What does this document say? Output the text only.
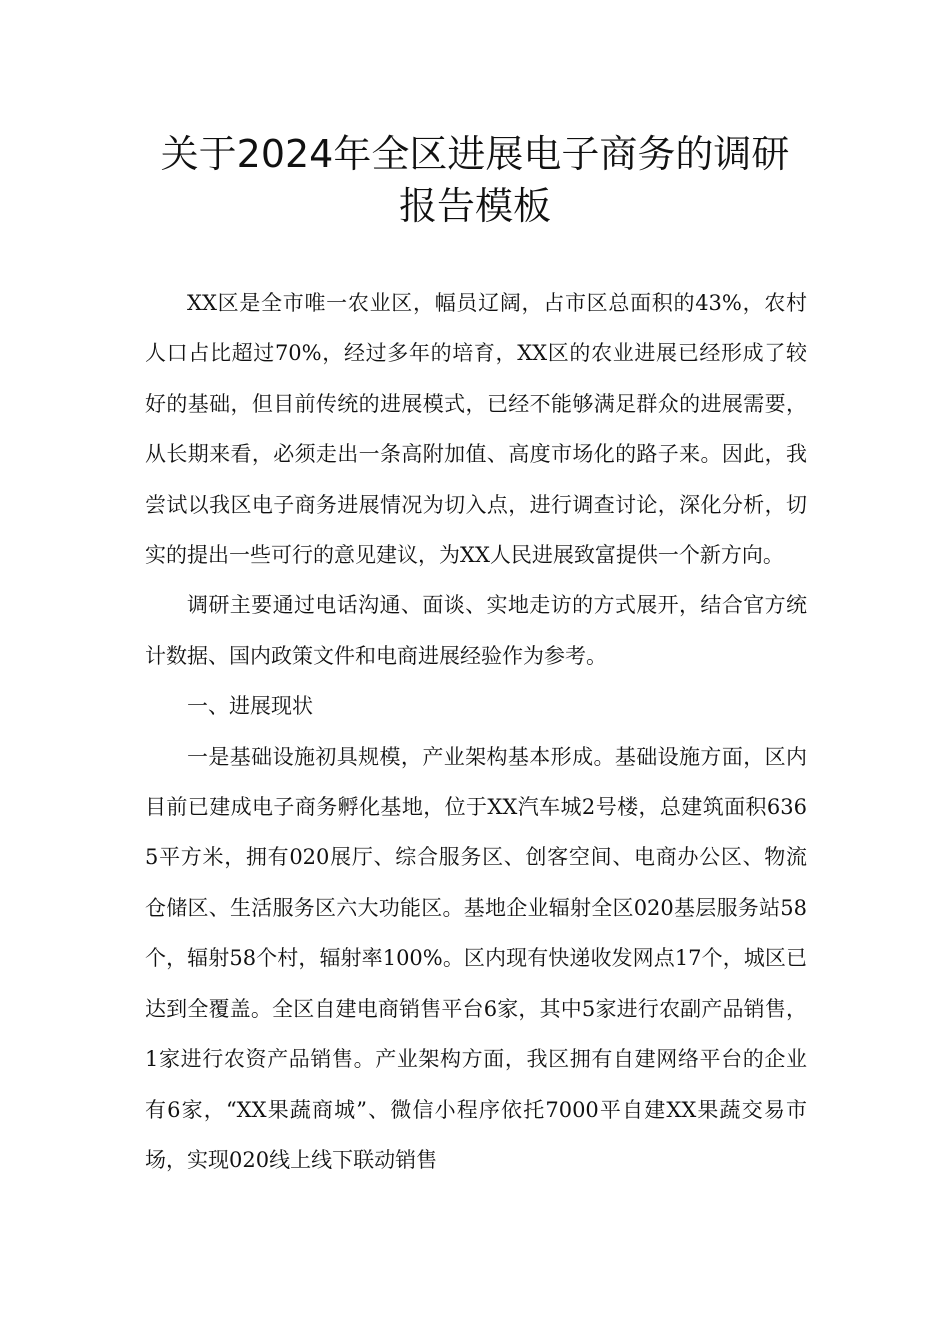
关于2024年全区进展电子商务的调研
报告模板

XX区是全市唯一农业区，幅员辽阔，占市区总面积的43%，农村人口占比超过70%，经过多年的培育，XX区的农业进展已经形成了较好的基础，但目前传统的进展模式，已经不能够满足群众的进展需要，从长期来看，必须走出一条高附加值、高度市场化的路子来。因此，我尝试以我区电子商务进展情况为切入点，进行调查讨论，深化分析，切实的提出一些可行的意见建议，为XX人民进展致富提供一个新方向。

调研主要通过电话沟通、面谈、实地走访的方式展开，结合官方统计数据、国内政策文件和电商进展经验作为参考。

一、进展现状

一是基础设施初具规模，产业架构基本形成。基础设施方面，区内目前已建成电子商务孵化基地，位于XX汽车城2号楼，总建筑面积6365平方米，拥有020展厅、综合服务区、创客空间、电商办公区、物流仓储区、生活服务区六大功能区。基地企业辐射全区020基层服务站58个，辐射58个村，辐射率100%。区内现有快递收发网点17个，城区已达到全覆盖。全区自建电商销售平台6家，其中5家进行农副产品销售，1家进行农资产品销售。产业架构方面，我区拥有自建网络平台的企业有6家，“XX果蔬商城”、微信小程序依托7000平自建XX果蔬交易市场，实现020线上线下联动销售
